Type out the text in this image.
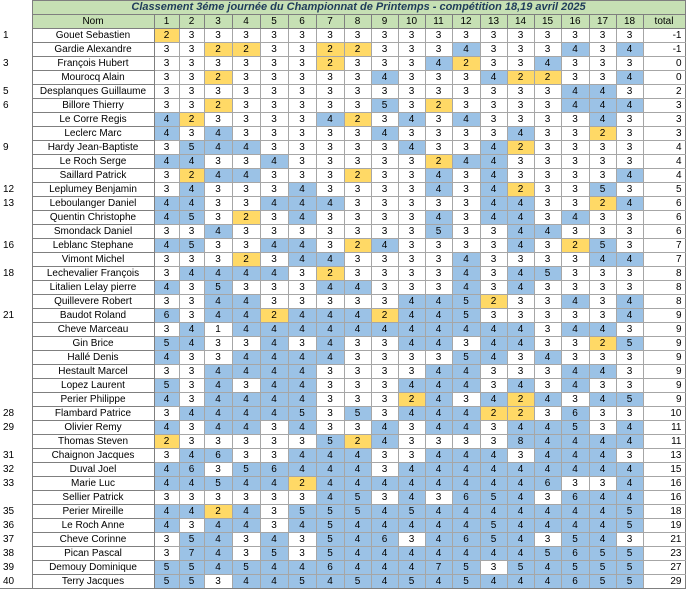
	Classement 3éme journée du Championnat de Printemps - compétition 18,19 avril 2025																			
	Nom	1	2	3	4	5	6	7	8	9	10	11	12	13	14	15	16	17	18	total
1	Gouet Sebastien	2	3	3	3	3	3	3	3	3	3	3	3	3	3	3	3	3	3	-1
	Gardie Alexandre	3	3	2	2	3	3	2	2	3	3	3	4	3	3	3	4	3	4	-1
3	François Hubert	3	3	3	3	3	3	2	3	3	3	4	2	3	3	4	3	3	3	0
	Mourocq Alain	3	3	2	3	3	3	3	3	4	3	3	3	4	2	2	3	3	4	0
5	Desplanques Guillaume	3	3	3	3	3	3	3	3	3	3	3	3	3	3	3	4	4	3	2
6	Billore Thierry	3	3	2	3	3	3	3	3	5	3	2	3	3	3	3	4	4	4	3
	Le Corre Regis	4	2	3	3	3	3	4	2	3	4	3	4	3	3	3	3	4	3	3
	Leclerc Marc	4	3	4	3	3	3	3	3	4	3	3	3	3	4	3	3	2	3	3
9	Hardy Jean-Baptiste	3	5	4	4	3	3	3	3	3	4	3	3	4	2	3	3	3	3	4
	Le Roch Serge	4	4	3	3	4	3	3	3	3	3	2	4	4	3	3	3	3	3	4
	Saillard Patrick	3	2	4	4	3	3	3	2	3	3	4	3	4	3	3	3	3	4	4
12	Leplumey Benjamin	3	4	3	3	3	4	3	3	3	3	4	3	4	2	3	3	5	3	5
13	Leboulanger Daniel	4	4	3	3	4	4	4	3	3	3	3	3	4	4	3	3	2	4	6
	Quentin Christophe	4	5	3	2	3	4	3	3	3	3	4	3	4	4	3	4	3	3	6
	Smondack Daniel	3	3	4	3	3	3	3	3	3	3	5	3	3	4	4	3	3	3	6
16	Leblanc Stephane	4	5	3	3	4	4	3	2	4	3	3	3	3	4	3	2	5	3	7
	Vimont Michel	3	3	3	2	3	4	4	3	3	3	3	4	3	3	3	3	4	4	7
18	Lechevalier François	3	4	4	4	4	3	2	3	3	3	3	4	3	4	5	3	3	3	8
	Litalien Lelay pierre	4	3	5	3	3	3	4	4	3	3	3	4	3	4	3	3	3	3	8
	Quillevere Robert	3	3	4	4	3	3	3	3	3	4	4	5	2	3	3	4	3	4	8
21	Baudot Roland	6	3	4	4	2	4	4	4	2	4	4	5	3	3	3	3	3	4	9
	Cheve Marceau	3	4	1	4	4	4	4	4	4	4	4	4	4	4	3	4	4	3	9
	Gin Brice	5	4	3	3	4	3	4	3	3	4	4	3	4	4	3	3	2	5	9
	Hallé Denis	4	3	3	4	4	4	4	3	3	3	3	5	4	3	4	3	3	3	9
	Hestault Marcel	3	3	4	4	4	4	3	3	3	3	4	4	3	3	3	4	4	3	9
	Lopez Laurent	5	3	4	3	4	4	3	3	3	4	4	4	3	4	3	4	3	3	9
	Perier Philippe	4	3	4	4	4	4	3	3	3	2	4	3	4	2	4	3	4	5	9
28	Flambard Patrice	3	4	4	4	4	5	3	5	3	4	4	4	2	2	3	6	3	3	10
29	Olivier Remy	4	3	4	4	3	4	3	3	4	3	4	4	3	4	4	5	3	4	11
	Thomas Steven	2	3	3	3	3	3	5	2	4	3	3	3	3	8	4	4	4	4	11
31	Chaignon Jacques	3	4	6	3	3	4	4	4	3	3	4	4	4	3	4	4	4	3	13
32	Duval Joel	4	6	3	5	6	4	4	4	3	4	4	4	4	4	4	4	4	4	15
33	Marie Luc	4	4	5	4	4	2	4	4	4	4	4	4	4	4	6	3	3	4	16
	Sellier Patrick	3	3	3	3	3	3	4	5	3	4	3	6	5	4	3	6	4	4	16
35	Perier Mireille	4	4	2	4	3	5	5	5	4	5	4	4	4	4	4	4	4	5	18
36	Le Roch Anne	4	3	4	4	3	4	5	4	4	4	4	4	5	4	4	4	4	5	19
37	Cheve Corinne	3	5	4	3	4	3	5	4	6	3	4	6	5	4	3	5	4	3	21
38	Pican Pascal	3	7	4	3	5	3	5	4	4	4	4	4	4	4	5	6	5	5	23
39	Demouy Dominique	5	5	4	5	4	4	6	4	4	4	7	5	3	5	4	5	5	5	27
40	Terry Jacques	5	5	3	4	4	5	4	5	4	5	4	5	4	4	4	6	5	5	29
